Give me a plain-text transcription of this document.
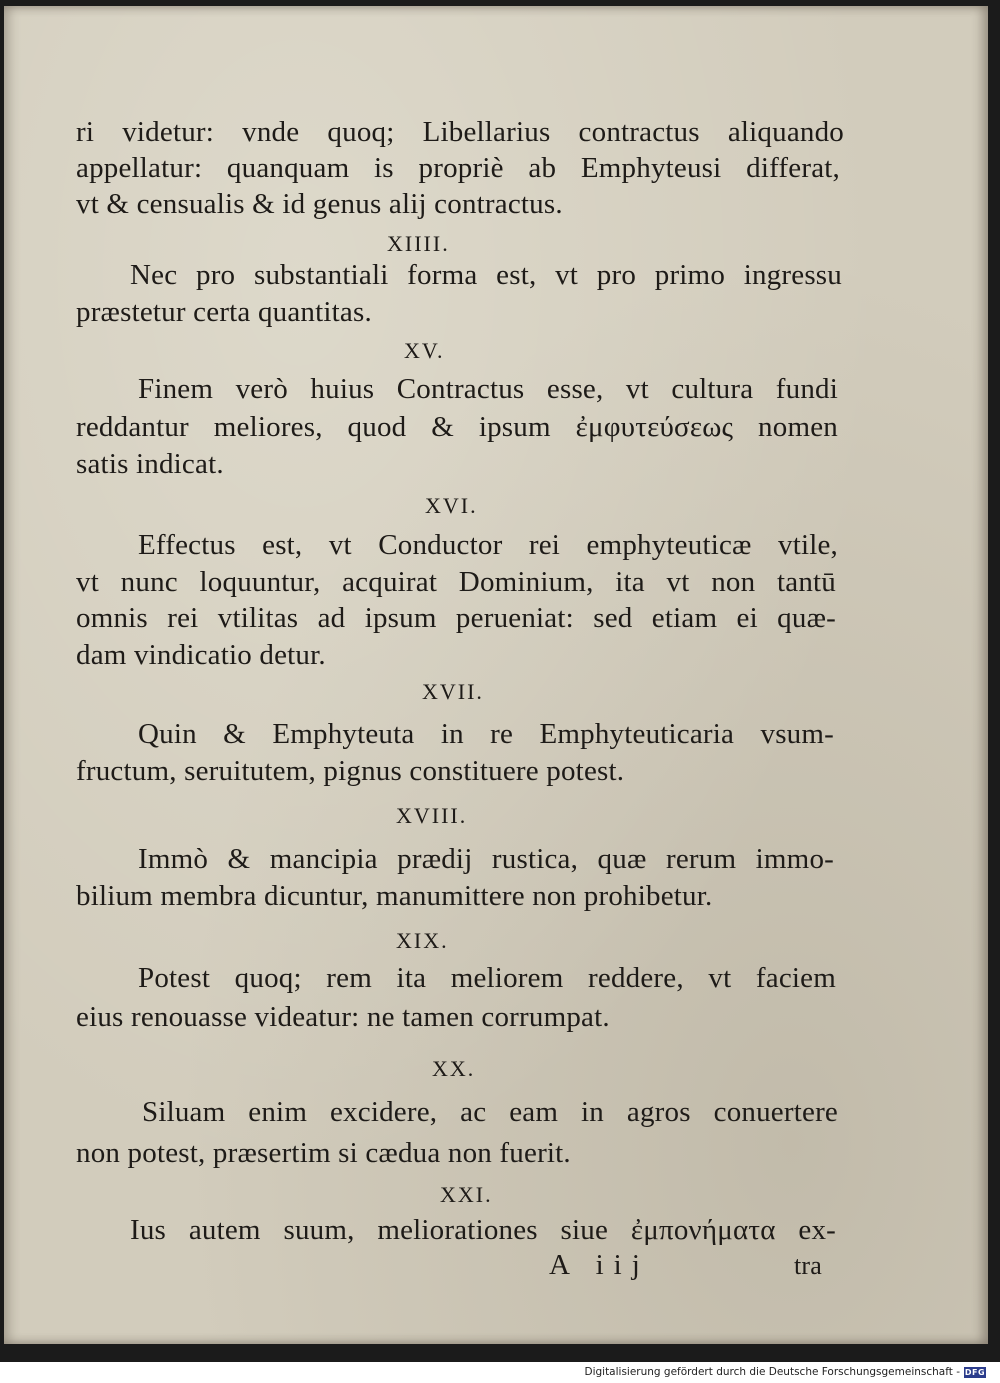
ri videtur: vnde quoq; Libellarius contractus aliquando
appellatur: quanquam is propriè ab Emphyteusi differat,
vt & censualis & id genus alij contractus.
XIIII.
Nec pro substantiali forma est, vt pro primo ingressu
præstetur certa quantitas.
XV.
Finem verò huius Contractus esse, vt cultura fundi
reddantur meliores, quod & ipsum ἐμφυτεύσεως nomen
satis indicat.
XVI.
Effectus est, vt Conductor rei emphyteuticæ vtile,
vt nunc loquuntur, acquirat Dominium, ita vt non tantū
omnis rei vtilitas ad ipsum perueniat: sed etiam ei quæ-
dam vindicatio detur.
XVII.
Quin & Emphyteuta in re Emphyteuticaria vsum-
fructum, seruitutem, pignus constituere potest.
XVIII.
Immò & mancipia prædij rustica, quæ rerum immo-
bilium membra dicuntur, manumittere non prohibetur.
XIX.
Potest quoq; rem ita meliorem reddere, vt faciem
eius renouasse videatur: ne tamen corrumpat.
XX.
Siluam enim excidere, ac eam in agros conuertere
non potest, præsertim si cædua non fuerit.
XXI.
Ius autem suum, meliorationes siue ἐμπονήματα ex-
A iij	tra
Digitalisierung gefördert durch die Deutsche Forschungsgemeinschaft - DFG
